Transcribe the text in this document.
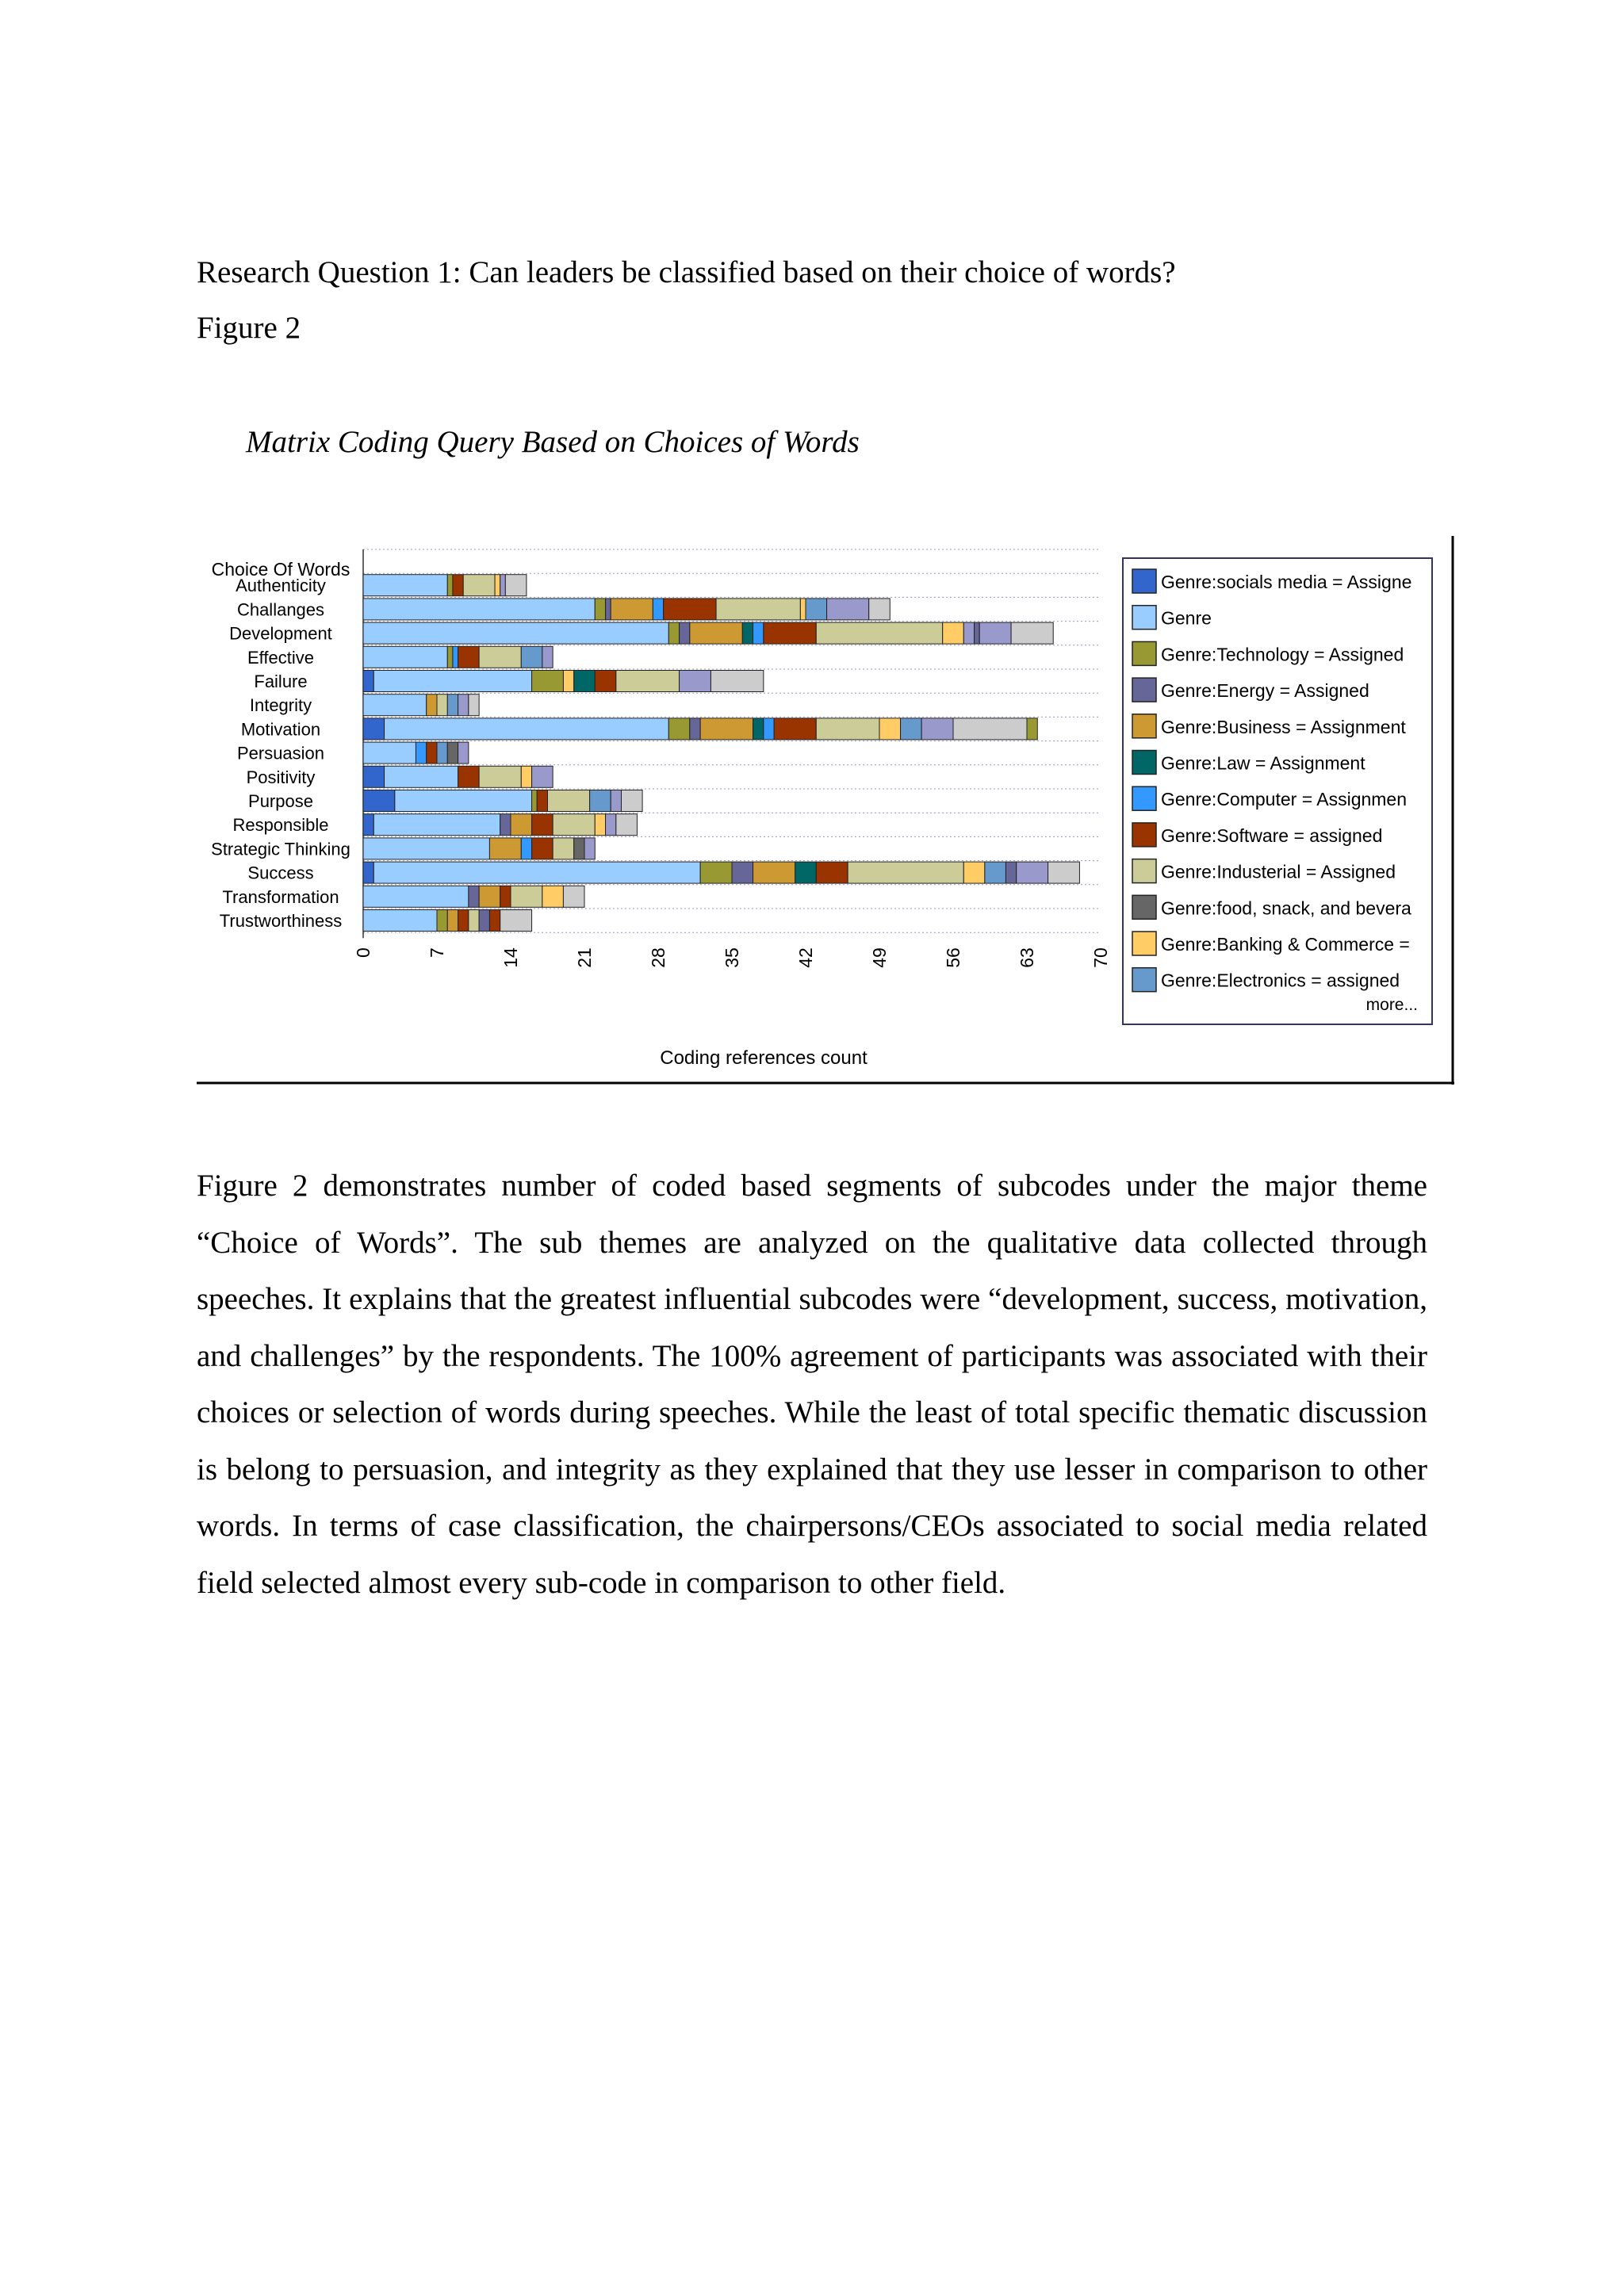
Research Question 1: Can leaders be classified based on their choice of words?
Figure 2
Matrix Coding Query Based on Choices of Words
Choice Of Words
Coding references count
Authenticity
Challanges
Development
Effective
Failure
Integrity
Motivation
Persuasion
Positivity
Purpose
Responsible
Strategic Thinking
Success
Transformation
Trustworthiness
0	7	14	21	28	35	42	49	56	63	70
Genre:socials media = Assigne
Genre
Genre:Technology = Assigned
Genre:Energy = Assigned
Genre:Business = Assignment
Genre:Law = Assignment
Genre:Computer = Assignmen
Genre:Software = assigned
Genre:Industerial = Assigned
Genre:food, snack, and bevera
Genre:Banking & Commerce =
Genre:Electronics = assigned
more...

Figure 2 demonstrates number of coded based segments of subcodes under the major theme “Choice of Words”. The sub themes are analyzed on the qualitative data collected through speeches. It explains that the greatest influential subcodes were “development, success, motivation, and challenges” by the respondents. The 100% agreement of participants was associated with their choices or selection of words during speeches. While the least of total specific thematic discussion is belong to persuasion, and integrity as they explained that they use lesser in comparison to other words. In terms of case classification, the chairpersons/CEOs associated to social media related field selected almost every sub-code in comparison to other field.
